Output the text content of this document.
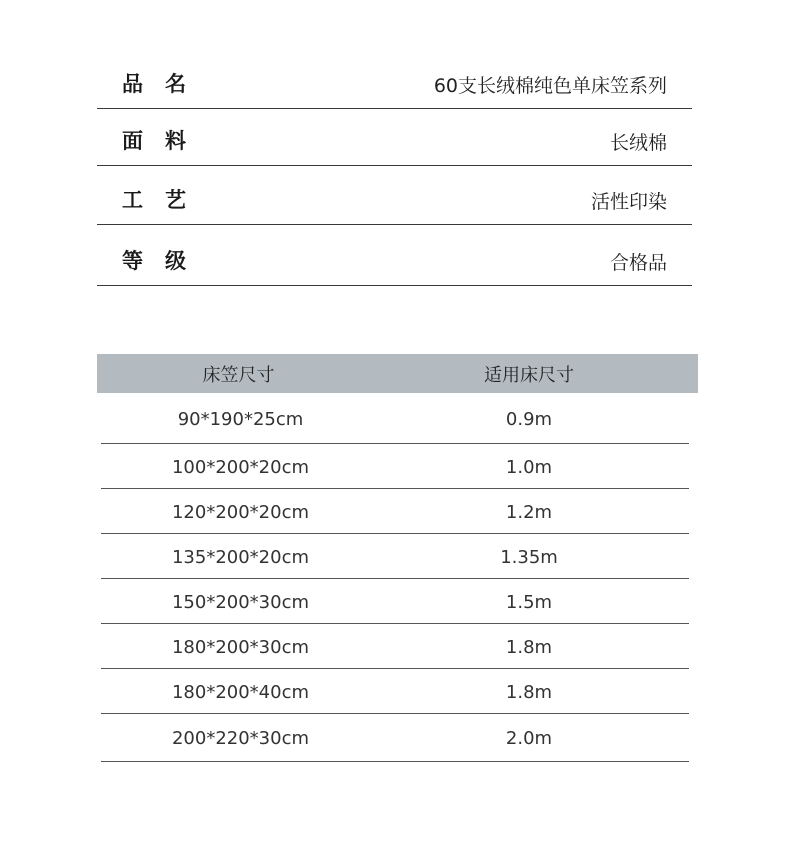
品名	60支长绒棉纯色单床笠系列
面料	长绒棉
工艺	活性印染
等级	合格品
床笠尺寸	适用床尺寸
90*190*25cm	0.9m
100*200*20cm	1.0m
120*200*20cm	1.2m
135*200*20cm	1.35m
150*200*30cm	1.5m
180*200*30cm	1.8m
180*200*40cm	1.8m
200*220*30cm	2.0m
